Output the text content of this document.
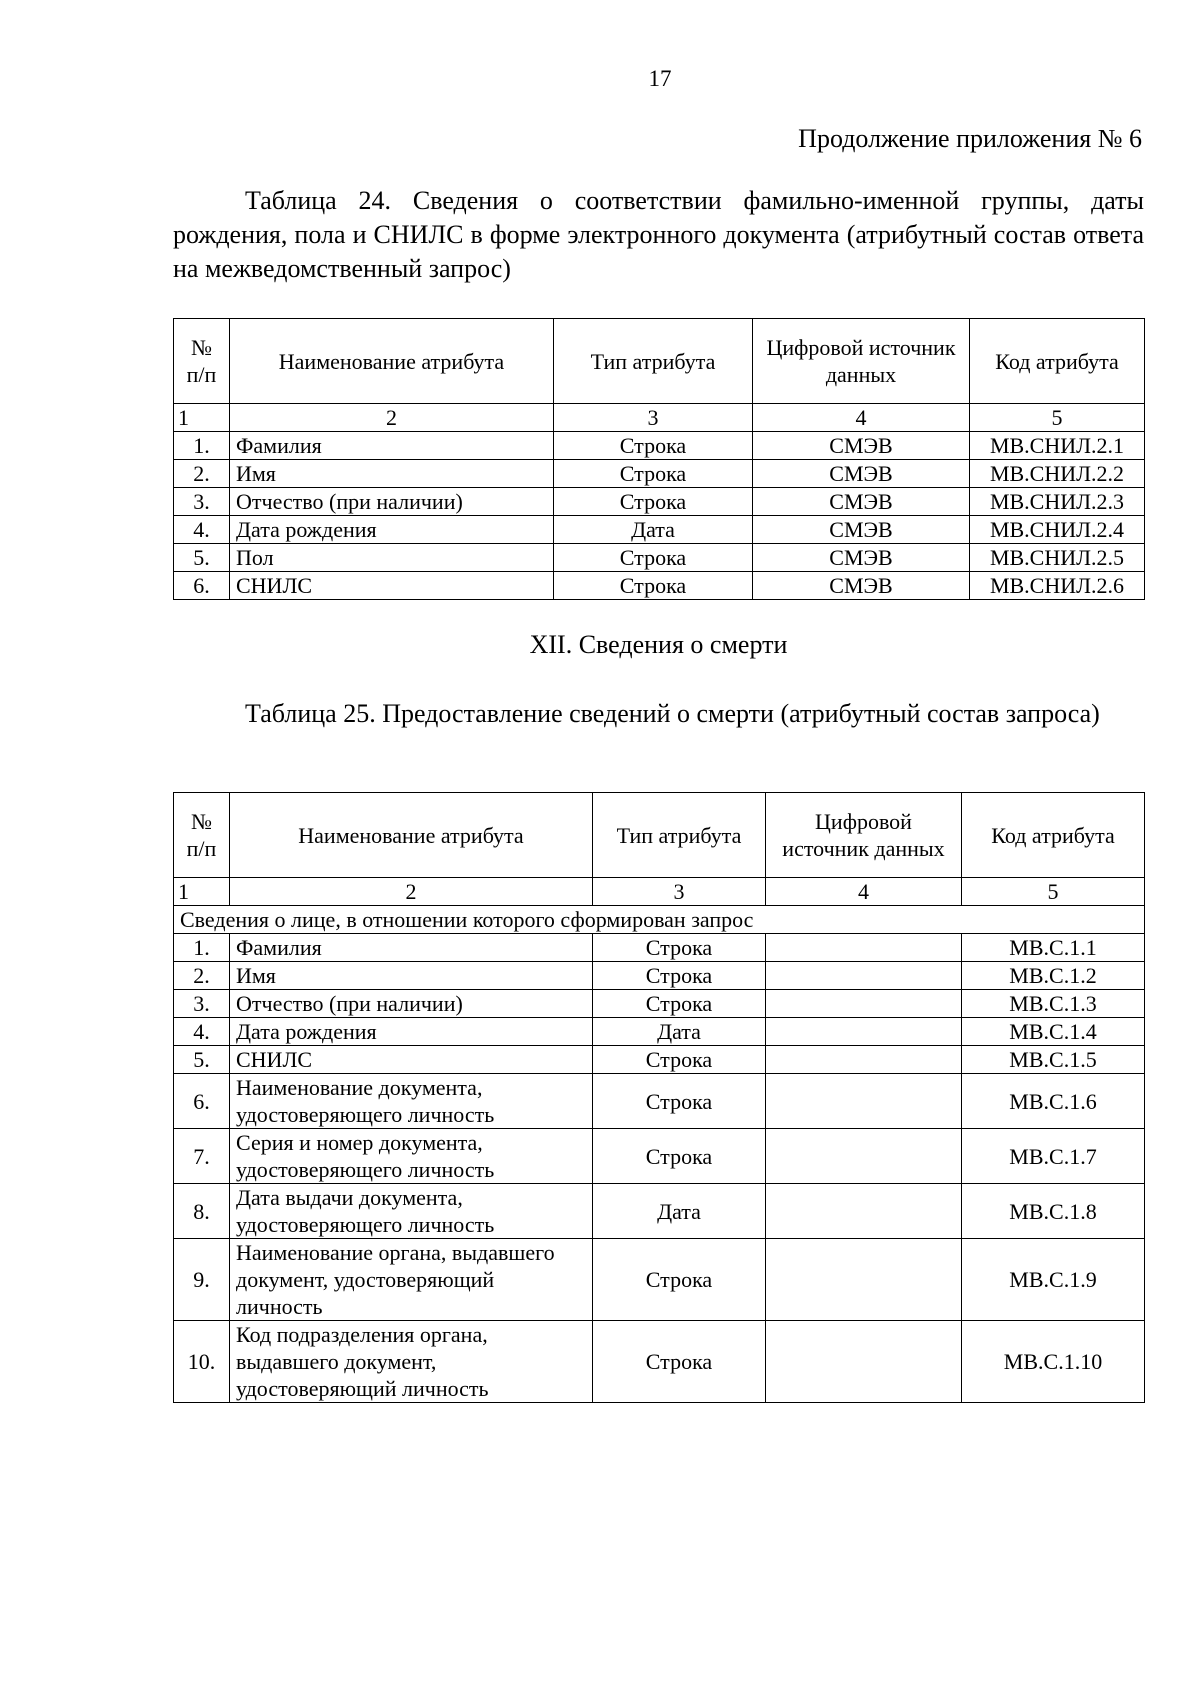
17
Продолжение приложения № 6
Таблица 24. Сведения о соответствии фамильно-именной группы, даты рождения, пола и СНИЛС в форме электронного документа (атрибутный состав ответа на межведомственный запрос)
№ п/п	Наименование атрибута	Тип атрибута	Цифровой источник данных	Код атрибута
1	2	3	4	5
1.	Фамилия	Строка	СМЭВ	МВ.СНИЛ.2.1
2.	Имя	Строка	СМЭВ	МВ.СНИЛ.2.2
3.	Отчество (при наличии)	Строка	СМЭВ	МВ.СНИЛ.2.3
4.	Дата рождения	Дата	СМЭВ	МВ.СНИЛ.2.4
5.	Пол	Строка	СМЭВ	МВ.СНИЛ.2.5
6.	СНИЛС	Строка	СМЭВ	МВ.СНИЛ.2.6
XII. Сведения о смерти
Таблица 25. Предоставление сведений о смерти (атрибутный состав запроса)
№ п/п	Наименование атрибута	Тип атрибута	Цифровой источник данных	Код атрибута
1	2	3	4	5
Сведения о лице, в отношении которого сформирован запрос				
1.	Фамилия	Строка		МВ.С.1.1
2.	Имя	Строка		МВ.С.1.2
3.	Отчество (при наличии)	Строка		МВ.С.1.3
4.	Дата рождения	Дата		МВ.С.1.4
5.	СНИЛС	Строка		МВ.С.1.5
6.	Наименование документа, удостоверяющего личность	Строка		МВ.С.1.6
7.	Серия и номер документа, удостоверяющего личность	Строка		МВ.С.1.7
8.	Дата выдачи документа, удостоверяющего личность	Дата		МВ.С.1.8
9.	Наименование органа, выдавшего документ, удостоверяющий личность	Строка		МВ.С.1.9
10.	Код подразделения органа, выдавшего документ, удостоверяющий личность	Строка		МВ.С.1.10
